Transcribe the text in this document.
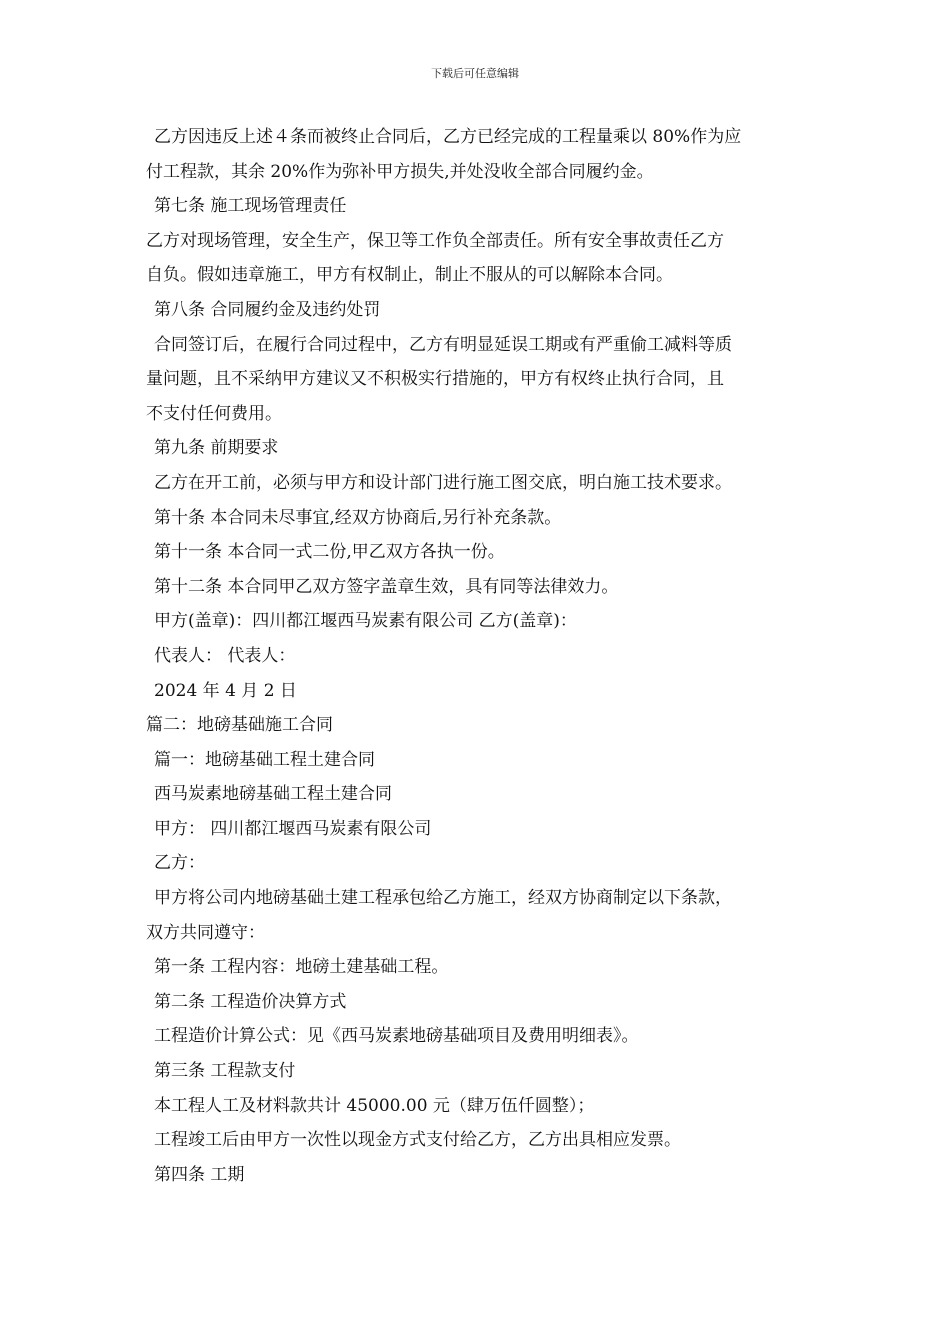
下载后可任意编辑
乙方因违反上述４条而被终止合同后，乙方已经完成的工程量乘以 80%作为应
付工程款，其余 20%作为弥补甲方损失,并处没收全部合同履约金。
第七条 施工现场管理责任
乙方对现场管理，安全生产，保卫等工作负全部责任。所有安全事故责任乙方
自负。假如违章施工，甲方有权制止，制止不服从的可以解除本合同。
第八条 合同履约金及违约处罚
合同签订后，在履行合同过程中，乙方有明显延误工期或有严重偷工减料等质
量问题，且不采纳甲方建议又不积极实行措施的，甲方有权终止执行合同，且
不支付任何费用。
第九条 前期要求
乙方在开工前，必须与甲方和设计部门进行施工图交底，明白施工技术要求。
第十条 本合同未尽事宜,经双方协商后,另行补充条款。
第十一条 本合同一式二份,甲乙双方各执一份。
第十二条 本合同甲乙双方签字盖章生效，具有同等法律效力。
甲方(盖章)：四川都江堰西马炭素有限公司 乙方(盖章)：
代表人： 代表人：
2024 年 4 月 2 日
篇二：地磅基础施工合同
篇一：地磅基础工程土建合同
西马炭素地磅基础工程土建合同
甲方： 四川都江堰西马炭素有限公司
乙方：
甲方将公司内地磅基础土建工程承包给乙方施工，经双方协商制定以下条款，
双方共同遵守：
第一条 工程内容：地磅土建基础工程。
第二条 工程造价决算方式
工程造价计算公式：见《西马炭素地磅基础项目及费用明细表》。
第三条 工程款支付
本工程人工及材料款共计 45000.00 元（肆万伍仟圆整）；
工程竣工后由甲方一次性以现金方式支付给乙方，乙方出具相应发票。
第四条 工期
